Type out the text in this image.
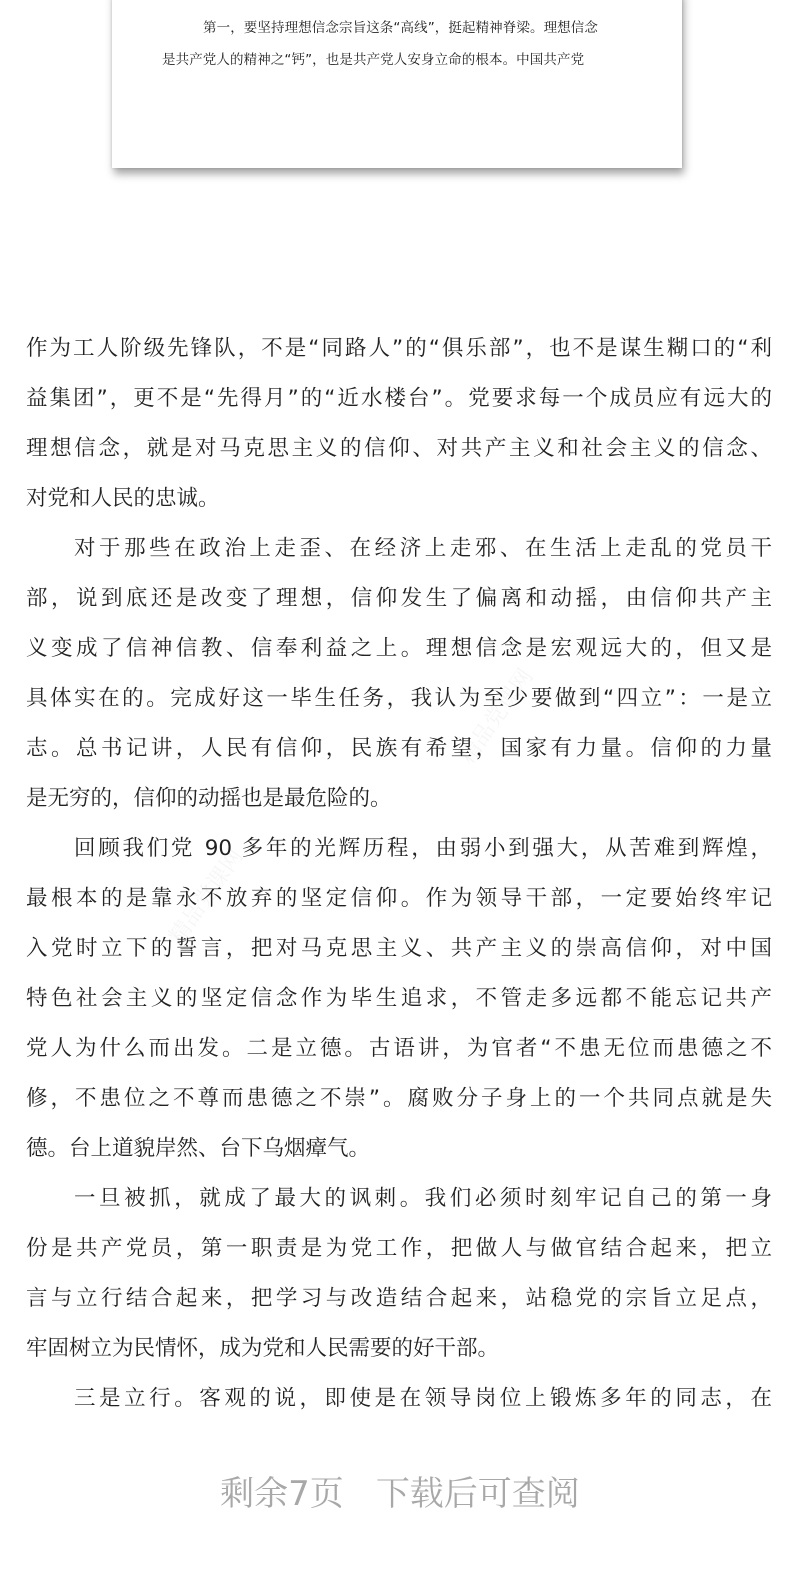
第一，要坚持理想信念宗旨这条“高线”，挺起精神脊梁。理想信念
是共产党人的精神之“钙”，也是共产党人安身立命的根本。中国共产党
作为工人阶级先锋队，不是“同路人”的“俱乐部”，也不是谋生糊口的“利
益集团”，更不是“先得月”的“近水楼台”。党要求每一个成员应有远大的
理想信念，就是对马克思主义的信仰、对共产主义和社会主义的信念、
对党和人民的忠诚。
对于那些在政治上走歪、在经济上走邪、在生活上走乱的党员干
部，说到底还是改变了理想，信仰发生了偏离和动摇，由信仰共产主
义变成了信神信教、信奉利益之上。理想信念是宏观远大的，但又是
具体实在的。完成好这一毕生任务，我认为至少要做到“四立”：一是立
志。总书记讲，人民有信仰，民族有希望，国家有力量。信仰的力量
是无穷的，信仰的动摇也是最危险的。
回顾我们党 90 多年的光辉历程，由弱小到强大，从苦难到辉煌，
最根本的是靠永不放弃的坚定信仰。作为领导干部，一定要始终牢记
入党时立下的誓言，把对马克思主义、共产主义的崇高信仰，对中国
特色社会主义的坚定信念作为毕生追求，不管走多远都不能忘记共产
党人为什么而出发。二是立德。古语讲，为官者“不患无位而患德之不
修，不患位之不尊而患德之不崇”。腐败分子身上的一个共同点就是失
德。台上道貌岸然、台下乌烟瘴气。
一旦被抓，就成了最大的讽刺。我们必须时刻牢记自己的第一身
份是共产党员，第一职责是为党工作，把做人与做官结合起来，把立
言与立行结合起来，把学习与改造结合起来，站稳党的宗旨立足点，
牢固树立为民情怀，成为党和人民需要的好干部。
三是立行。客观的说，即使是在领导岗位上锻炼多年的同志，在
剩余7页 下载后可查阅
